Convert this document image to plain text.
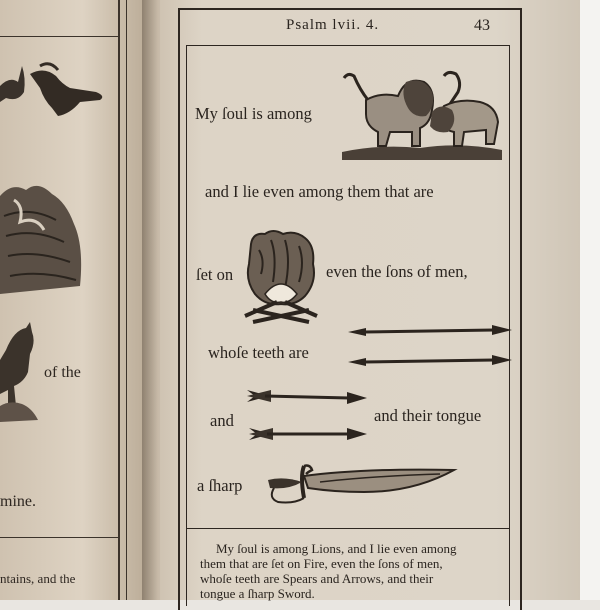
of the
mine.
ntains, and the
Psalm lvii. 4.	43
My ſoul is among
and I lie even among them that are
ſet on	even the ſons of men,
whoſe teeth are
and	and their tongue
a ſharp
My ſoul is among Lions, and I lie even among
them that are ſet on Fire, even the ſons of men,
whoſe teeth are Spears and Arrows, and their
tongue a ſharp Sword.
